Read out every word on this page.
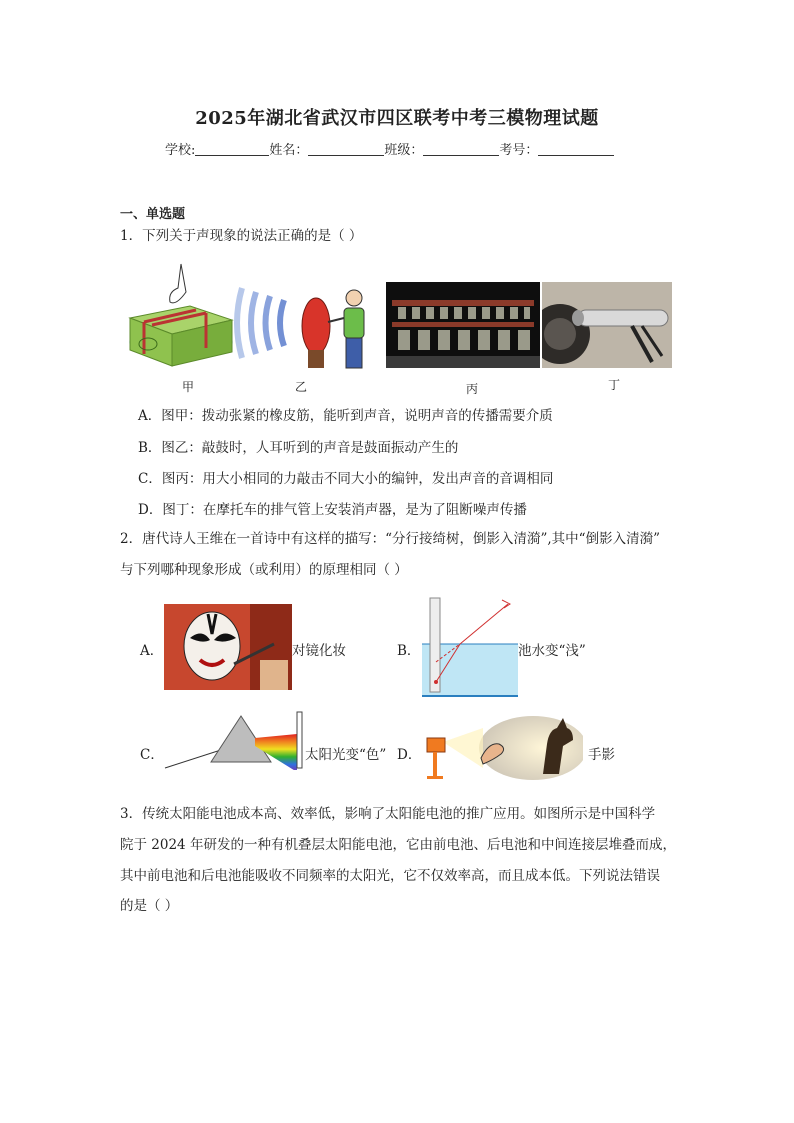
2025年湖北省武汉市四区联考中考三模物理试题
学校:	姓名：	班级：	考号：
一、单选题
1．下列关于声现象的说法正确的是（ ）
甲	乙	丙	丁
A．图甲：拨动张紧的橡皮筋，能听到声音，说明声音的传播需要介质
B．图乙：敲鼓时，人耳听到的声音是鼓面振动产生的
C．图丙：用大小相同的力敲击不同大小的编钟，发出声音的音调相同
D．图丁：在摩托车的排气管上安装消声器，是为了阻断噪声传播
2．唐代诗人王维在一首诗中有这样的描写：“分行接绮树，倒影入清漪”,其中“倒影入清漪”
与下列哪种现象形成（或利用）的原理相同（ ）
A．	对镜化妆	B．	池水变“浅”
C．	太阳光变“色” D．	手影
3．传统太阳能电池成本高、效率低，影响了太阳能电池的推广应用。如图所示是中国科学
院于 2024 年研发的一种有机叠层太阳能电池，它由前电池、后电池和中间连接层堆叠而成，
其中前电池和后电池能吸收不同频率的太阳光，它不仅效率高，而且成本低。下列说法错误
的是（ ）
